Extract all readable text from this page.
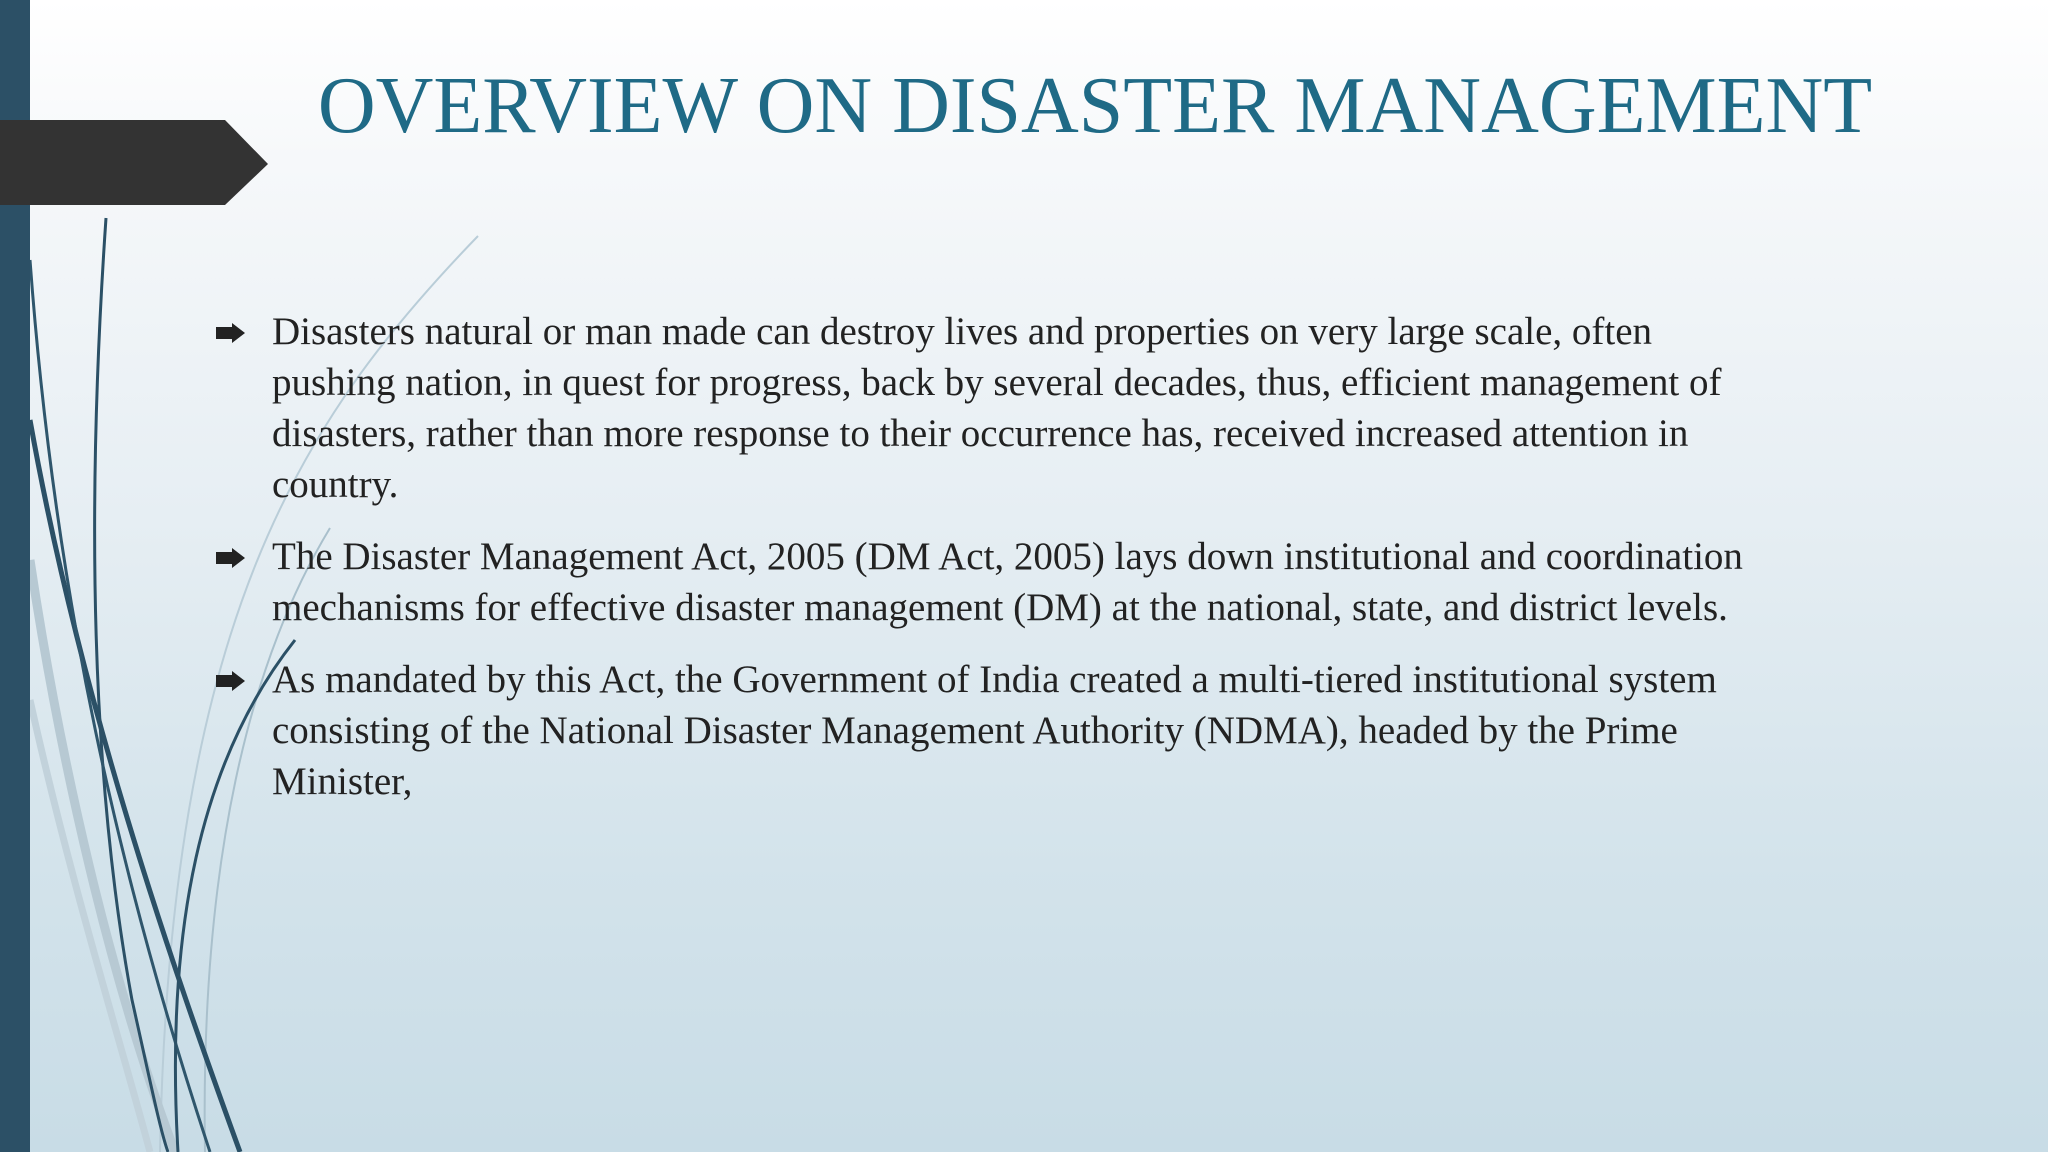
OVERVIEW ON DISASTER MANAGEMENT
Disasters natural or man made can destroy lives and properties on very large scale, often
pushing nation, in quest for progress, back by several decades, thus, efficient management of
disasters, rather than more response to their occurrence has, received increased attention in
country.
The Disaster Management Act, 2005 (DM Act, 2005) lays down institutional and coordination
mechanisms for effective disaster management (DM) at the national, state, and district levels.
As mandated by this Act, the Government of India created a multi-tiered institutional system
consisting of the National Disaster Management Authority (NDMA), headed by the Prime
Minister,
